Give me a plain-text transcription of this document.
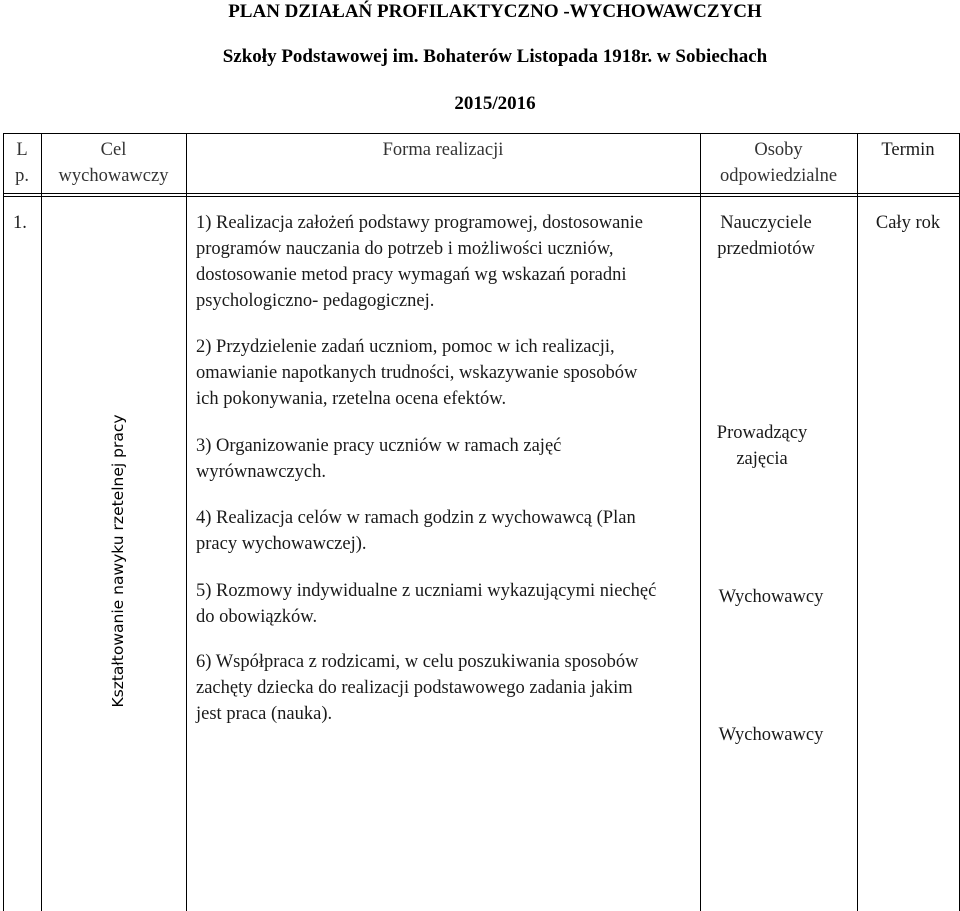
PLAN DZIAŁAŃ PROFILAKTYCZNO -WYCHOWAWCZYCH
Szkoły Podstawowej im. Bohaterów Listopada 1918r. w Sobiechach
2015/2016
L
p.
Cel
wychowawczy
Forma realizacji	Osoby
odpowiedzialne
Termin
1.
Kształtowanie nawyku rzetelnej pracy
1) Realizacja założeń podstawy programowej, dostosowanie
programów nauczania do potrzeb i możliwości uczniów,
dostosowanie metod pracy wymagań wg wskazań poradni
psychologiczno- pedagogicznej.
2) Przydzielenie zadań uczniom, pomoc w ich realizacji,
omawianie napotkanych trudności, wskazywanie sposobów
ich pokonywania, rzetelna ocena efektów.
3) Organizowanie pracy uczniów w ramach zajęć
wyrównawczych.
4) Realizacja celów w ramach godzin z wychowawcą (Plan
pracy wychowawczej).
5) Rozmowy indywidualne z uczniami wykazującymi niechęć
do obowiązków.
6) Współpraca z rodzicami, w celu poszukiwania sposobów
zachęty dziecka do realizacji podstawowego zadania jakim
jest praca (nauka).
Nauczyciele
przedmiotów
Prowadzący
zajęcia
Wychowawcy
Wychowawcy
Cały rok
